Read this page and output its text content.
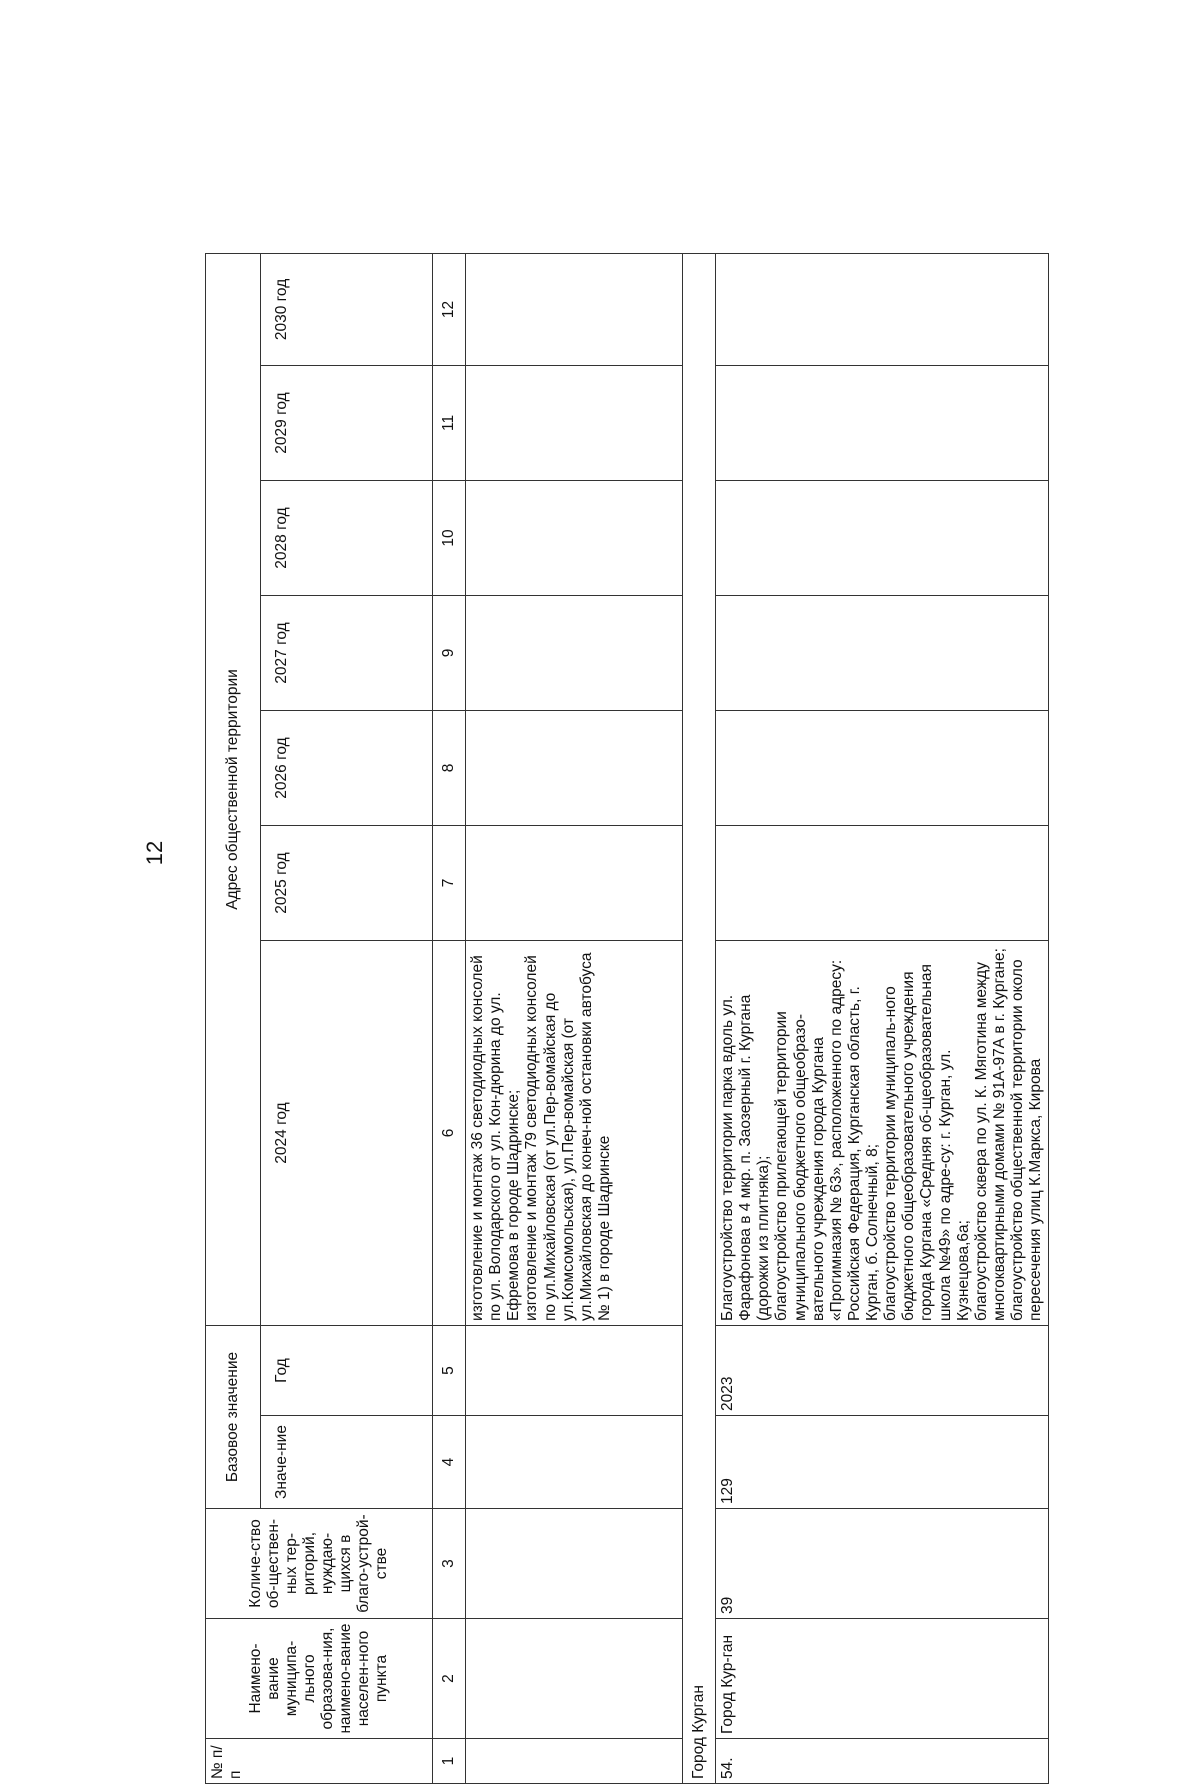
12
№ п/п	Наимено-вание муниципа-льного образова-ния, наимено-вание населен-ного пункта	Количе-ство об-ществен-ных тер-риторий, нуждаю-щихся в благо-устрой-стве	Базовое значение		Адрес общественной территории						
			Значе-ние	Год	2024 год	2025 год	2026 год	2027 год	2028 год	2029 год	2030 год
1	2	3	4	5	6	7	8	9	10	11	12
					изготовление и монтаж 36 светодиодных консолей по ул. Володарского от ул. Кон-дюрина до ул. Ефремова в городе Шадринске;
изготовление и монтаж 79 светодиодных консолей по ул.Михайловская (от ул.Пер-вомайская до ул.Комсомольская), ул.Пер-вомайская (от ул.Михайловская до конеч-ной остановки автобуса № 1) в городе Шадринске						
Город Курган											
54.	Город Кур-ган	39	129	2023	Благоустройство территории парка вдоль ул. Фарафонова в 4 мкр. п. Заозерный г. Кургана (дорожки из плитняка);
благоустройство прилегающей территории муниципального бюджетного общеобразо-вательного учреждения города Кургана «Прогимназия № 63», расположенного по адресу: Российская Федерация, Курганская область, г. Курган, б. Солнечный, 8;
благоустройство территории муниципаль-ного бюджетного общеобразовательного учреждения города Кургана «Средняя об-щеобразовательная школа №49» по адре-су: г. Курган, ул. Кузнецова,6а;
благоустройство сквера по ул. К. Мяготина между многоквартирными домами № 91А-97А в г. Кургане;
благоустройство общественной территории около пересечения улиц К.Маркса, Кирова						
